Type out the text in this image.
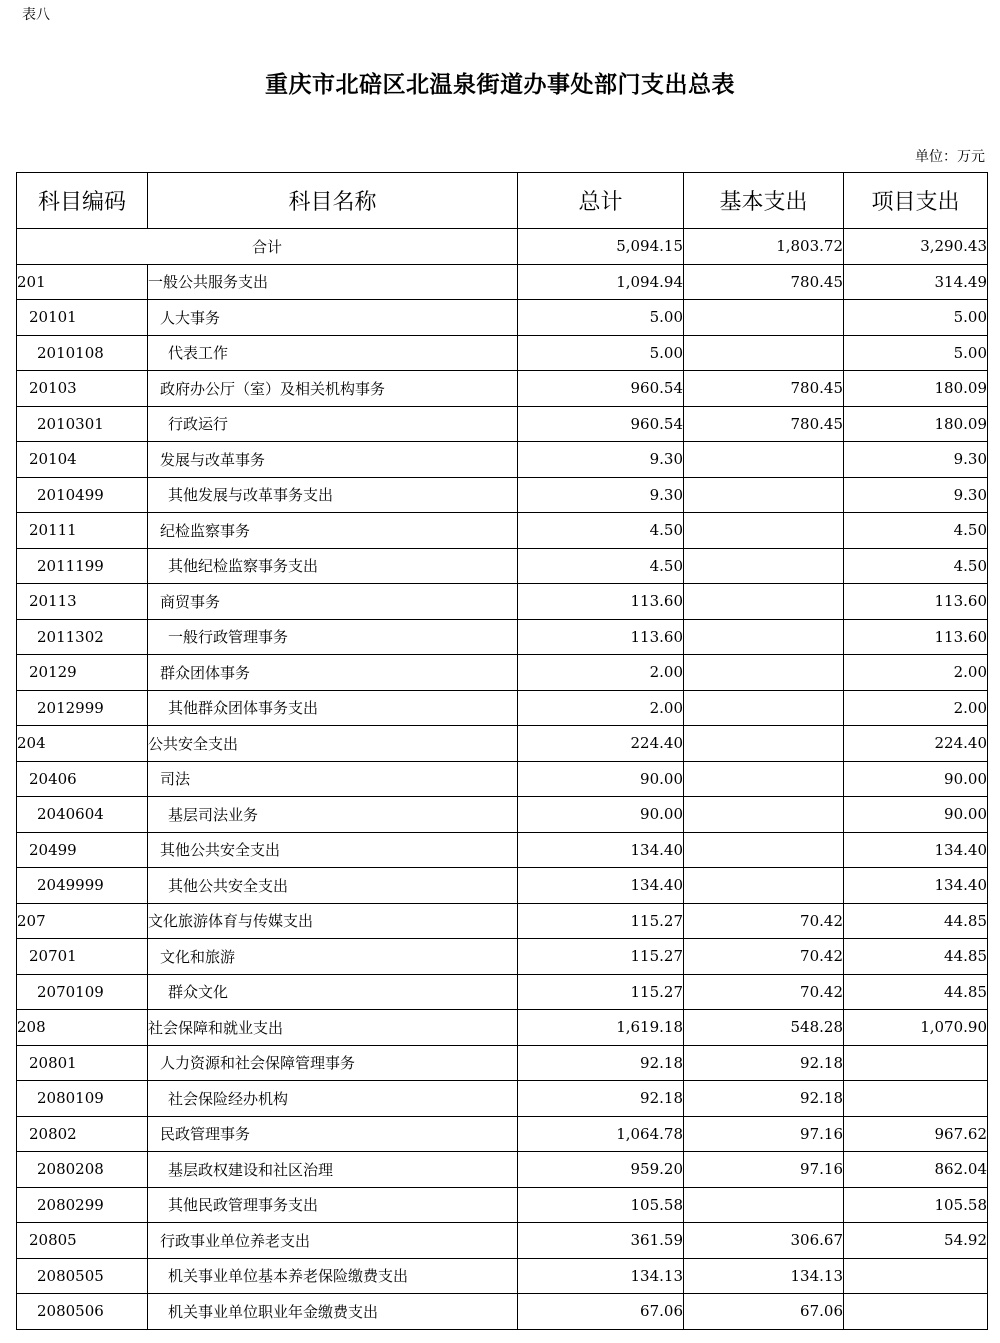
表八
重庆市北碚区北温泉街道办事处部门支出总表
单位：万元
科目编码	科目名称	总计	基本支出	项目支出
合计		5,094.15	1,803.72	3,290.43
201	一般公共服务支出	1,094.94	780.45	314.49
20101	人大事务	5.00		5.00
2010108	代表工作	5.00		5.00
20103	政府办公厅（室）及相关机构事务	960.54	780.45	180.09
2010301	行政运行	960.54	780.45	180.09
20104	发展与改革事务	9.30		9.30
2010499	其他发展与改革事务支出	9.30		9.30
20111	纪检监察事务	4.50		4.50
2011199	其他纪检监察事务支出	4.50		4.50
20113	商贸事务	113.60		113.60
2011302	一般行政管理事务	113.60		113.60
20129	群众团体事务	2.00		2.00
2012999	其他群众团体事务支出	2.00		2.00
204	公共安全支出	224.40		224.40
20406	司法	90.00		90.00
2040604	基层司法业务	90.00		90.00
20499	其他公共安全支出	134.40		134.40
2049999	其他公共安全支出	134.40		134.40
207	文化旅游体育与传媒支出	115.27	70.42	44.85
20701	文化和旅游	115.27	70.42	44.85
2070109	群众文化	115.27	70.42	44.85
208	社会保障和就业支出	1,619.18	548.28	1,070.90
20801	人力资源和社会保障管理事务	92.18	92.18	
2080109	社会保险经办机构	92.18	92.18	
20802	民政管理事务	1,064.78	97.16	967.62
2080208	基层政权建设和社区治理	959.20	97.16	862.04
2080299	其他民政管理事务支出	105.58		105.58
20805	行政事业单位养老支出	361.59	306.67	54.92
2080505	机关事业单位基本养老保险缴费支出	134.13	134.13	
2080506	机关事业单位职业年金缴费支出	67.06	67.06	
